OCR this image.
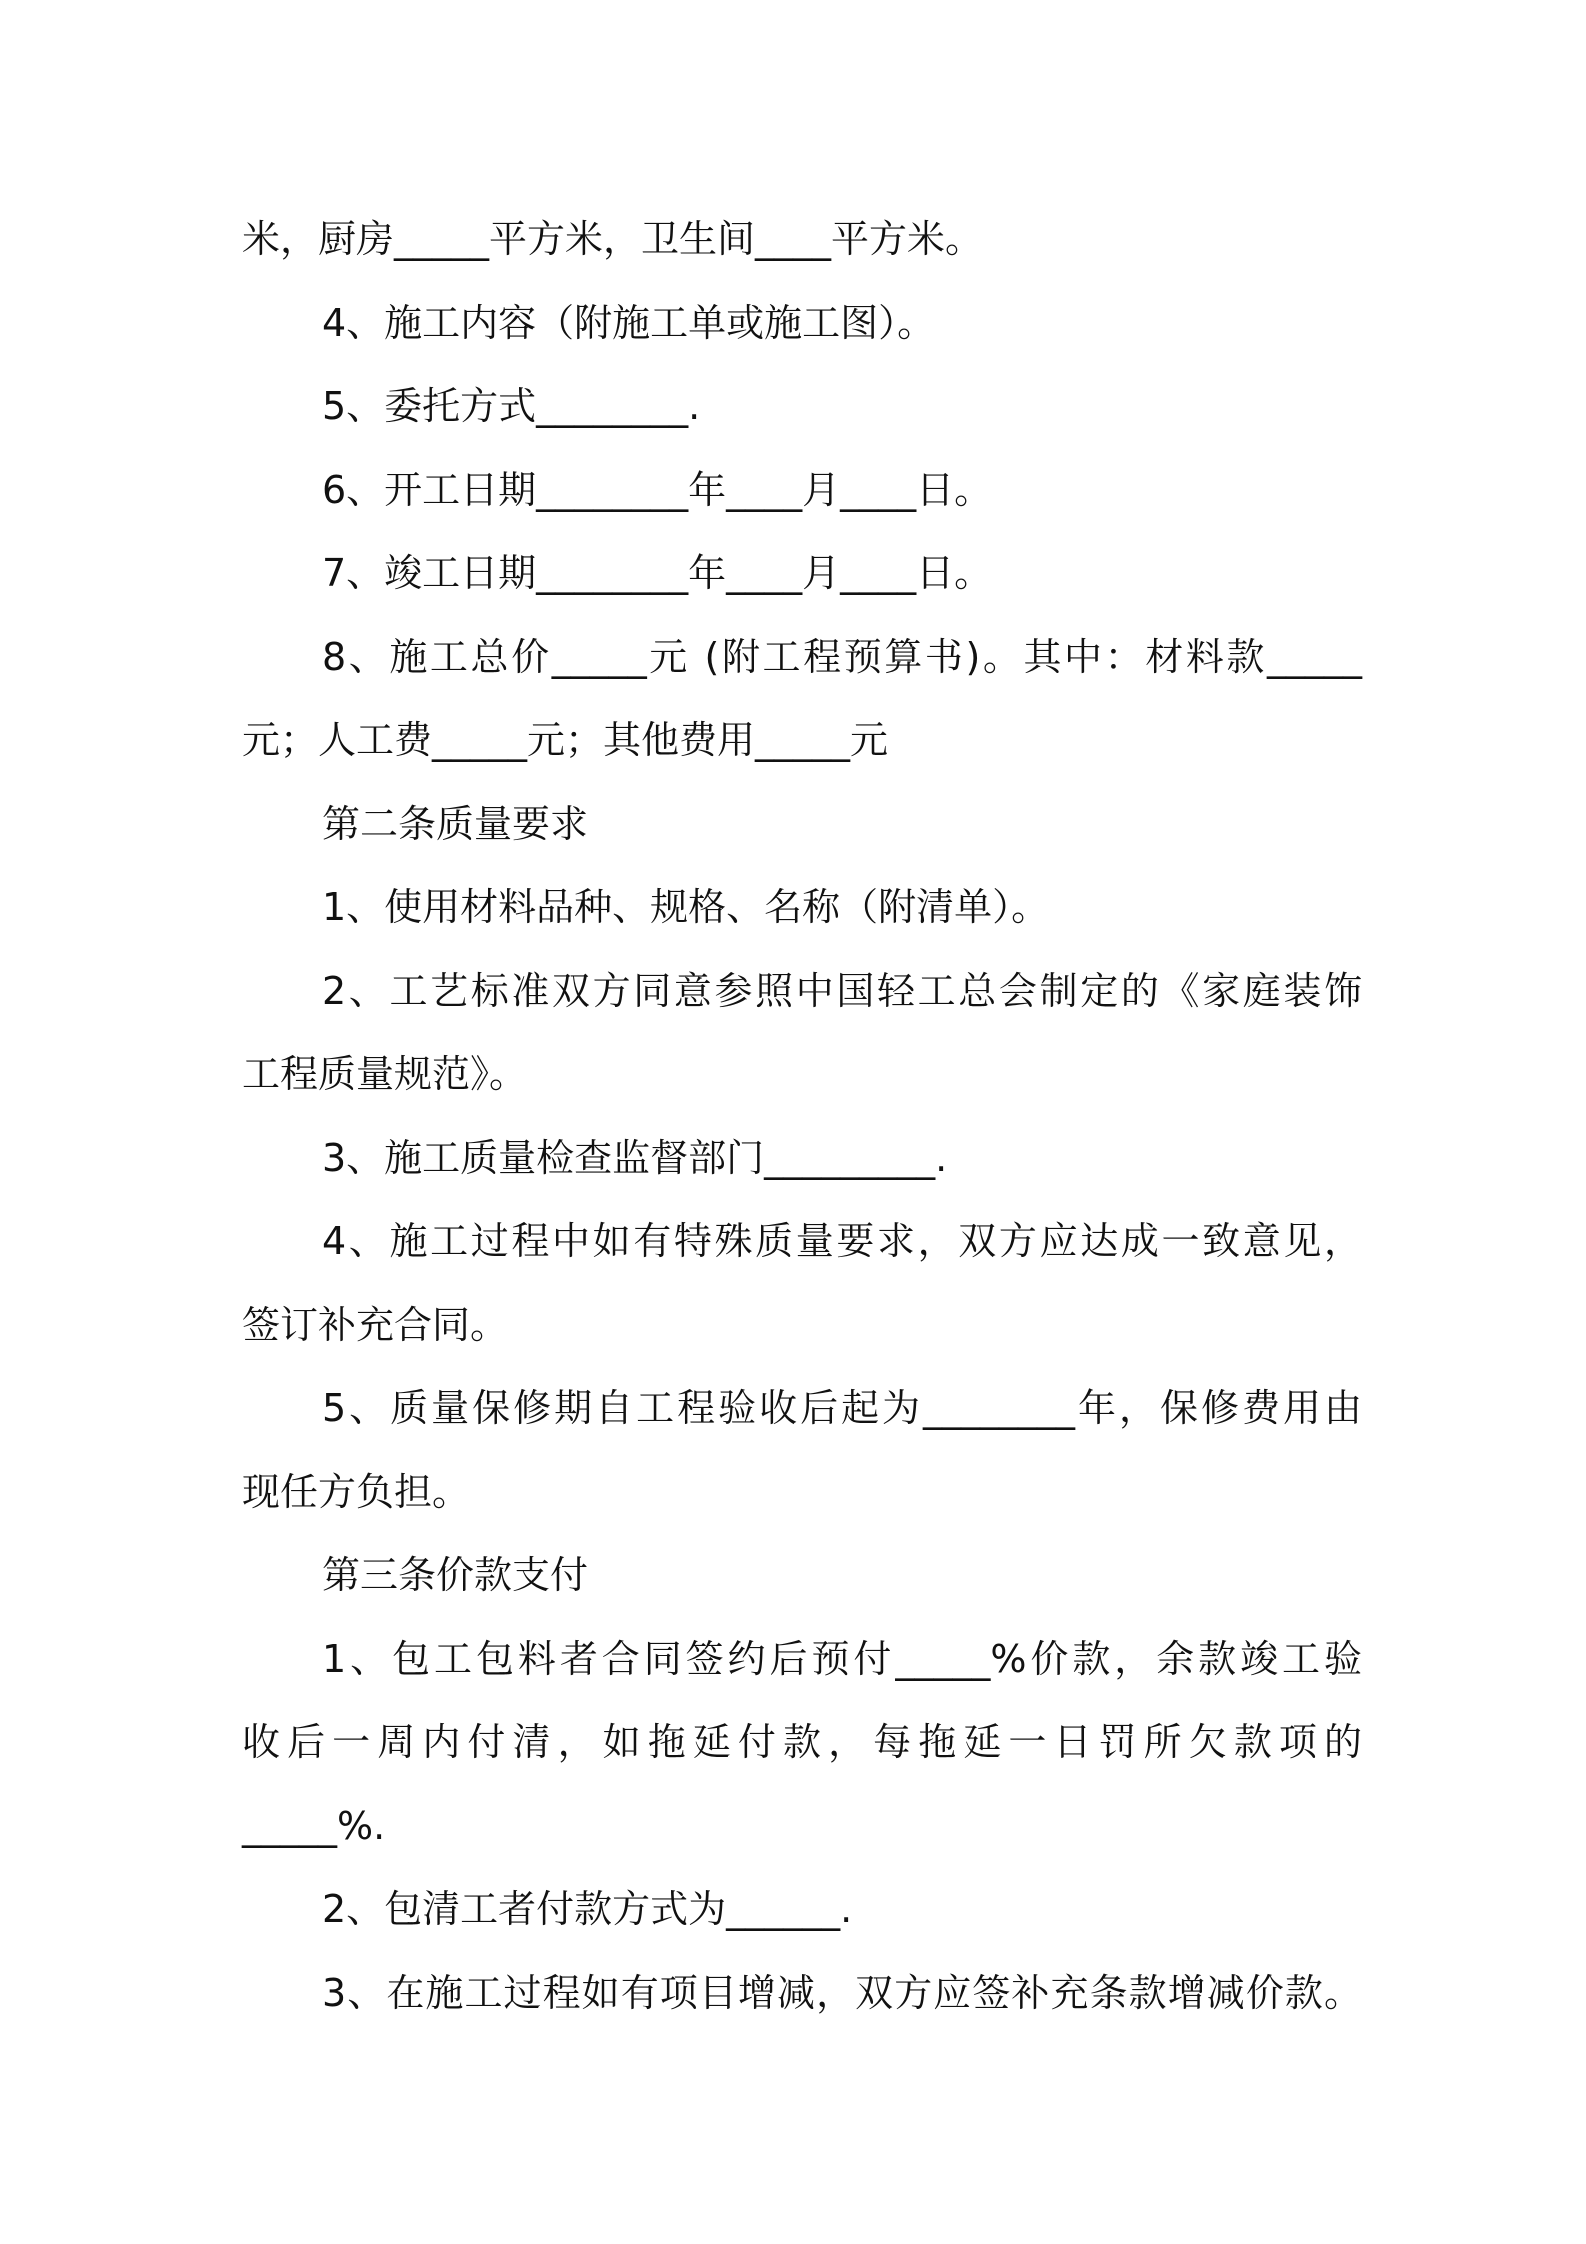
米，厨房_____平方米，卫生间____平方米。
4、施工内容（附施工单或施工图）。
5、委托方式________.
6、开工日期________年____月____日。
7、竣工日期________年____月____日。
8、施工总价_____元 (附工程预算书)。其中：材料款_____
元；人工费_____元；其他费用_____元
第二条质量要求
1、使用材料品种、规格、名称（附清单）。
2、工艺标准双方同意参照中国轻工总会制定的《家庭装饰
工程质量规范》。
3、施工质量检查监督部门_________.
4、施工过程中如有特殊质量要求，双方应达成一致意见，
签订补充合同。
5、质量保修期自工程验收后起为________年，保修费用由
现任方负担。
第三条价款支付
1、包工包料者合同签约后预付_____%价款，余款竣工验
收后一周内付清，如拖延付款，每拖延一日罚所欠款项的
_____%.
2、包清工者付款方式为______.
3、在施工过程如有项目增减，双方应签补充条款增减价款。
